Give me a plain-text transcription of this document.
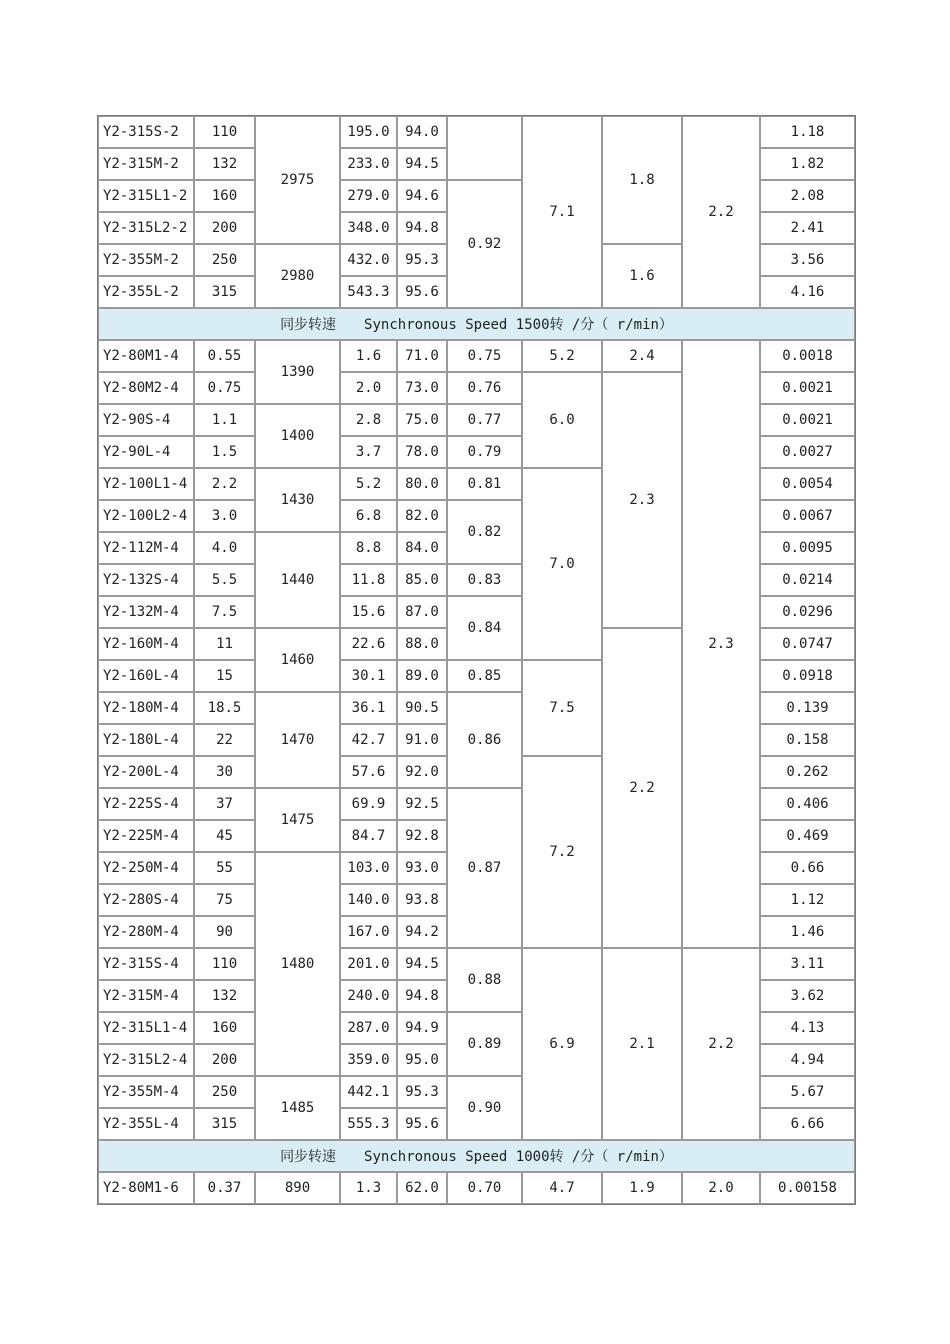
Y2-315S-2	110	2975	195.0	94.0		7.1	1.8	2.2	1.18
Y2-315M-2	132		233.0	94.5					1.82
Y2-315L1-2	160		279.0	94.6	0.92				2.08
Y2-315L2-2	200		348.0	94.8					2.41
Y2-355M-2	250	2980	432.0	95.3			1.6		3.56
Y2-355L-2	315		543.3	95.6					4.16
同步转速　　Synchronous Speed 1500转 /分（ r/min）									
Y2-80M1-4	0.55	1390	1.6	71.0	0.75	5.2	2.4	2.3	0.0018
Y2-80M2-4	0.75		2.0	73.0	0.76	6.0	2.3		0.0021
Y2-90S-4	1.1	1400	2.8	75.0	0.77				0.0021
Y2-90L-4	1.5		3.7	78.0	0.79				0.0027
Y2-100L1-4	2.2	1430	5.2	80.0	0.81	7.0			0.0054
Y2-100L2-4	3.0		6.8	82.0	0.82				0.0067
Y2-112M-4	4.0	1440	8.8	84.0					0.0095
Y2-132S-4	5.5		11.8	85.0	0.83				0.0214
Y2-132M-4	7.5		15.6	87.0	0.84				0.0296
Y2-160M-4	11	1460	22.6	88.0			2.2		0.0747
Y2-160L-4	15		30.1	89.0	0.85	7.5			0.0918
Y2-180M-4	18.5	1470	36.1	90.5	0.86				0.139
Y2-180L-4	22		42.7	91.0					0.158
Y2-200L-4	30		57.6	92.0		7.2			0.262
Y2-225S-4	37	1475	69.9	92.5	0.87				0.406
Y2-225M-4	45		84.7	92.8					0.469
Y2-250M-4	55	1480	103.0	93.0					0.66
Y2-280S-4	75		140.0	93.8					1.12
Y2-280M-4	90		167.0	94.2					1.46
Y2-315S-4	110		201.0	94.5	0.88	6.9	2.1	2.2	3.11
Y2-315M-4	132		240.0	94.8					3.62
Y2-315L1-4	160		287.0	94.9	0.89				4.13
Y2-315L2-4	200		359.0	95.0					4.94
Y2-355M-4	250	1485	442.1	95.3	0.90				5.67
Y2-355L-4	315		555.3	95.6					6.66
同步转速　　Synchronous Speed 1000转 /分（ r/min）									
Y2-80M1-6	0.37	890	1.3	62.0	0.70	4.7	1.9	2.0	0.00158
